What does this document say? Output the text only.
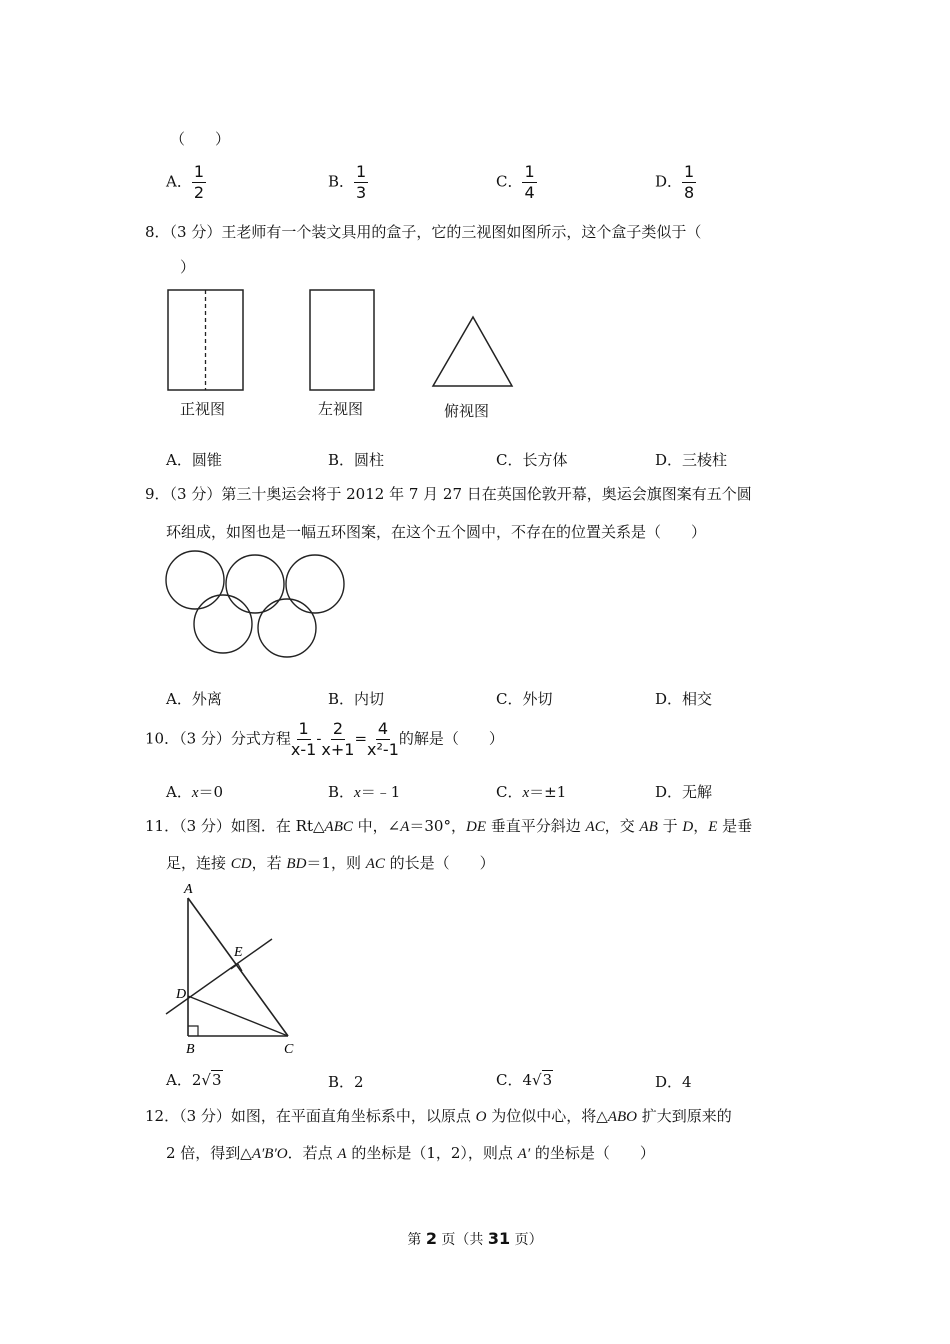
（　　）
A． $\frac{1}{2}$	B． $\frac{1}{3}$	C． $\frac{1}{4}$	D． $\frac{1}{8}$
8．（3 分）王老师有一个装文具用的盒子，它的三视图如图所示，这个盒子类似于（
）
正视图	左视图	俯视图
A．圆锥	B．圆柱	C．长方体	D．三棱柱
9．（3 分）第三十奥运会将于 2012 年 7 月 27 日在英国伦敦开幕，奥运会旗图案有五个圆
环组成，如图也是一幅五环图案，在这个五个圆中，不存在的位置关系是（　　）
A．外离	B．内切	C．外切	D．相交
10．（3 分）分式方程 $\frac{1}{x-1} - \frac{2}{x+1} = \frac{4}{\text{x²-1}}$ 的解是（　　）
A．x＝0	B．x＝﹣1	C．x＝±1	D．无解
11．（3 分）如图．在 Rt△ABC 中，∠A＝30°，DE 垂直平分斜边 AC，交 AB 于 D，E 是垂
足，连接 CD，若 BD＝1，则 AC 的长是（　　）
A
E
D
B	C
A．2√3	B．2	C．4√3	D．4
12．（3 分）如图，在平面直角坐标系中，以原点 O 为位似中心，将△ABO 扩大到原来的
2 倍，得到△A′B′O．若点 A 的坐标是（1，2），则点 A′ 的坐标是（　　）
第 2 页（共 31 页）
